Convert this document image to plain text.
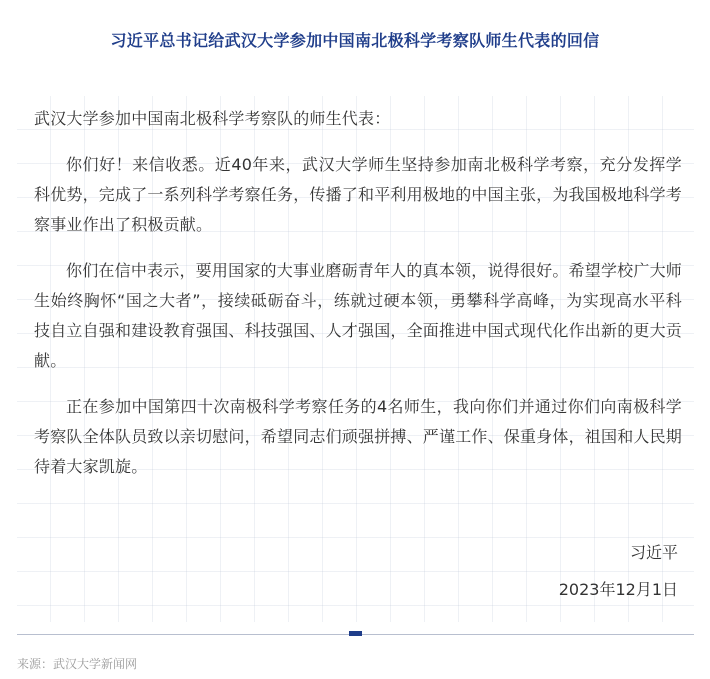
习近平总书记给武汉大学参加中国南北极科学考察队师生代表的回信

武汉大学参加中国南北极科学考察队的师生代表：

你们好！来信收悉。近40年来，武汉大学师生坚持参加南北极科学考察，充分发挥学科优势，完成了一系列科学考察任务，传播了和平利用极地的中国主张，为我国极地科学考察事业作出了积极贡献。

你们在信中表示，要用国家的大事业磨砺青年人的真本领，说得很好。希望学校广大师生始终胸怀“国之大者”，接续砥砺奋斗，练就过硬本领，勇攀科学高峰，为实现高水平科技自立自强和建设教育强国、科技强国、人才强国，全面推进中国式现代化作出新的更大贡献。

正在参加中国第四十次南极科学考察任务的4名师生，我向你们并通过你们向南极科学考察队全体队员致以亲切慰问，希望同志们顽强拼搏、严谨工作、保重身体，祖国和人民期待着大家凯旋。

习近平
2023年12月1日
来源：武汉大学新闻网
